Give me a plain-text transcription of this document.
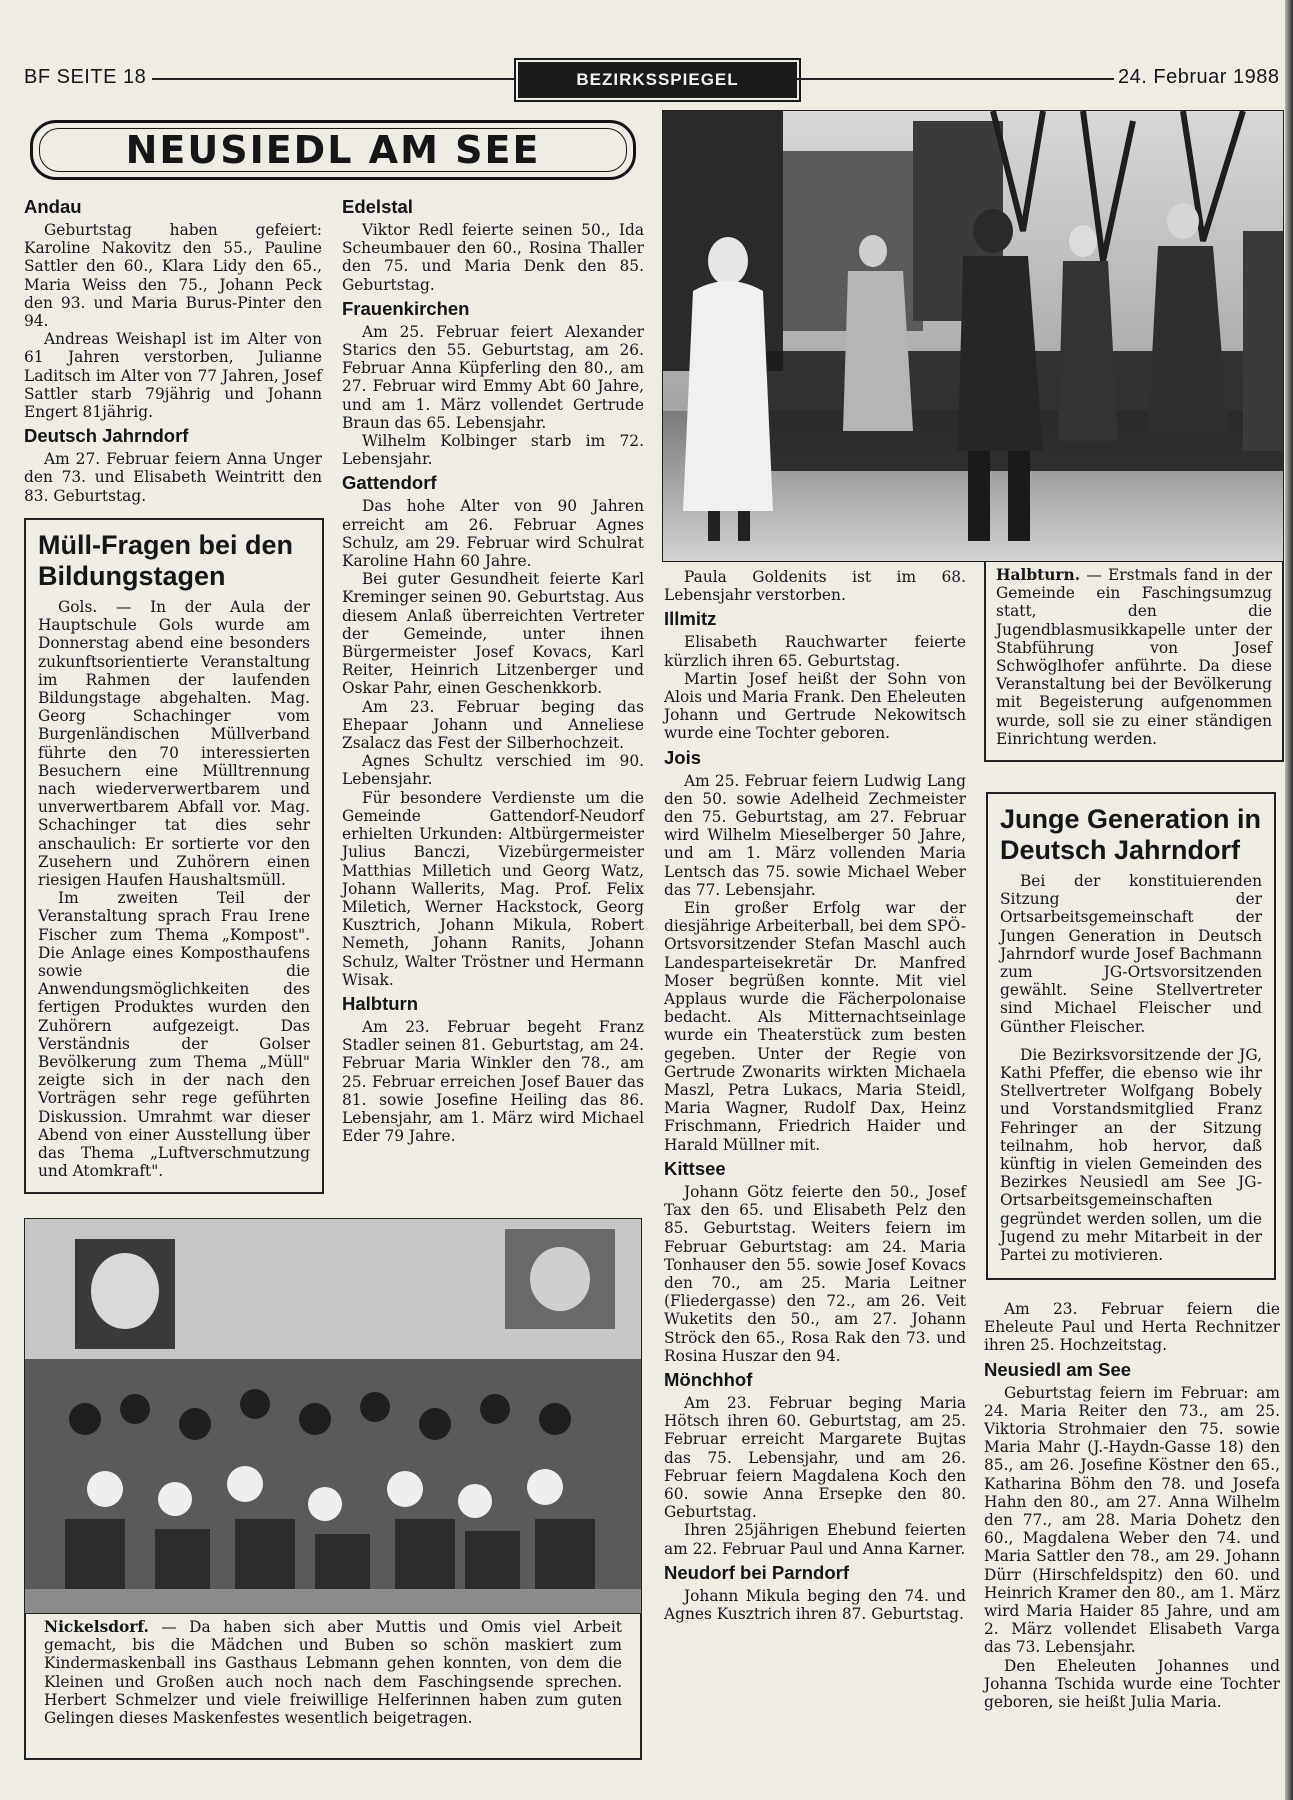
BF SEITE 18	BEZIRKSSPIEGEL	24. Februar 1988
NEUSIEDL AM SEE
Andau

Geburtstag haben gefeiert: Karoline Nakovitz den 55., Pauline Sattler den 60., Klara Lidy den 65., Maria Weiss den 75., Johann Peck den 93. und Maria Burus-Pinter den 94.

Andreas Weishapl ist im Alter von 61 Jahren verstorben, Julianne Laditsch im Alter von 77 Jahren, Josef Sattler starb 79jährig und Johann Engert 81jährig.

Deutsch Jahrndorf

Am 27. Februar feiern Anna Unger den 73. und Elisabeth Weintritt den 83. Geburtstag.

Müll-Fragen bei den Bildungstagen

Gols. — In der Aula der Hauptschule Gols wurde am Donnerstag abend eine besonders zukunftsorientierte Veranstaltung im Rahmen der laufenden Bildungstage abgehalten. Mag. Georg Schachinger vom Burgenländischen Müllverband führte den 70 interessierten Besuchern eine Mülltrennung nach wiederverwertbarem und unverwertbarem Abfall vor. Mag. Schachinger tat dies sehr anschaulich: Er sortierte vor den Zusehern und Zuhörern einen riesigen Haufen Haushaltsmüll.

Im zweiten Teil der Veranstaltung sprach Frau Irene Fischer zum Thema „Kompost". Die Anlage eines Komposthaufens sowie die Anwendungsmöglichkeiten des fertigen Produktes wurden den Zuhörern aufgezeigt. Das Verständnis der Golser Bevölkerung zum Thema „Müll" zeigte sich in der nach den Vorträgen sehr rege geführten Diskussion. Umrahmt war dieser Abend von einer Ausstellung über das Thema „Luftverschmutzung und Atomkraft".

Edelstal

Viktor Redl feierte seinen 50., Ida Scheumbauer den 60., Rosina Thaller den 75. und Maria Denk den 85. Geburtstag.

Frauenkirchen

Am 25. Februar feiert Alexander Starics den 55. Geburtstag, am 26. Februar Anna Küpferling den 80., am 27. Februar wird Emmy Abt 60 Jahre, und am 1. März vollendet Gertrude Braun das 65. Lebensjahr.

Wilhelm Kolbinger starb im 72. Lebensjahr.

Gattendorf

Das hohe Alter von 90 Jahren erreicht am 26. Februar Agnes Schulz, am 29. Februar wird Schulrat Karoline Hahn 60 Jahre.

Bei guter Gesundheit feierte Karl Kreminger seinen 90. Geburtstag. Aus diesem Anlaß überreichten Vertreter der Gemeinde, unter ihnen Bürgermeister Josef Kovacs, Karl Reiter, Heinrich Litzenberger und Oskar Pahr, einen Geschenkkorb.

Am 23. Februar beging das Ehepaar Johann und Anneliese Zsalacz das Fest der Silberhochzeit.

Agnes Schultz verschied im 90. Lebensjahr.

Für besondere Verdienste um die Gemeinde Gattendorf-Neudorf erhielten Urkunden: Altbürgermeister Julius Banczi, Vizebürgermeister Matthias Milletich und Georg Watz, Johann Wallerits, Mag. Prof. Felix Miletich, Werner Hackstock, Georg Kusztrich, Johann Mikula, Robert Nemeth, Johann Ranits, Johann Schulz, Walter Tröstner und Hermann Wisak.

Halbturn

Am 23. Februar begeht Franz Stadler seinen 81. Geburtstag, am 24. Februar Maria Winkler den 78., am 25. Februar erreichen Josef Bauer das 81. sowie Josefine Heiling das 86. Lebensjahr, am 1. März wird Michael Eder 79 Jahre.

Halbturn. — Erstmals fand in der Gemeinde ein Faschingsumzug statt, den die Jugendblasmusikkapelle unter der Stabführung von Josef Schwöglhofer anführte. Da diese Veranstaltung bei der Bevölkerung mit Begeisterung aufgenommen wurde, soll sie zu einer ständigen Einrichtung werden.

Paula Goldenits ist im 68. Lebensjahr verstorben.

Illmitz

Elisabeth Rauchwarter feierte kürzlich ihren 65. Geburtstag.

Martin Josef heißt der Sohn von Alois und Maria Frank. Den Eheleuten Johann und Gertrude Nekowitsch wurde eine Tochter geboren.

Jois

Am 25. Februar feiern Ludwig Lang den 50. sowie Adelheid Zechmeister den 75. Geburtstag, am 27. Februar wird Wilhelm Mieselberger 50 Jahre, und am 1. März vollenden Maria Lentsch das 75. sowie Michael Weber das 77. Lebensjahr.

Ein großer Erfolg war der diesjährige Arbeiterball, bei dem SPÖ-Ortsvorsitzender Stefan Maschl auch Landesparteisekretär Dr. Manfred Moser begrüßen konnte. Mit viel Applaus wurde die Fächerpolonaise bedacht. Als Mitternachtseinlage wurde ein Theaterstück zum besten gegeben. Unter der Regie von Gertrude Zwonarits wirkten Michaela Maszl, Petra Lukacs, Maria Steidl, Maria Wagner, Rudolf Dax, Heinz Frischmann, Friedrich Haider und Harald Müllner mit.

Kittsee

Johann Götz feierte den 50., Josef Tax den 65. und Elisabeth Pelz den 85. Geburtstag. Weiters feiern im Februar Geburtstag: am 24. Maria Tonhauser den 55. sowie Josef Kovacs den 70., am 25. Maria Leitner (Fliedergasse) den 72., am 26. Veit Wuketits den 50., am 27. Johann Ströck den 65., Rosa Rak den 73. und Rosina Huszar den 94.

Mönchhof

Am 23. Februar beging Maria Hötsch ihren 60. Geburtstag, am 25. Februar erreicht Margarete Bujtas das 75. Lebensjahr, und am 26. Februar feiern Magdalena Koch den 60. sowie Anna Ersepke den 80. Geburtstag.

Ihren 25jährigen Ehebund feierten am 22. Februar Paul und Anna Karner.

Neudorf bei Parndorf

Johann Mikula beging den 74. und Agnes Kusztrich ihren 87. Geburtstag.

Junge Generation in Deutsch Jahrndorf

Bei der konstituierenden Sitzung der Ortsarbeitsgemeinschaft der Jungen Generation in Deutsch Jahrndorf wurde Josef Bachmann zum JG-Ortsvorsitzenden gewählt. Seine Stellvertreter sind Michael Fleischer und Günther Fleischer.

Die Bezirksvorsitzende der JG, Kathi Pfeffer, die ebenso wie ihr Stellvertreter Wolfgang Bobely und Vorstandsmitglied Franz Fehringer an der Sitzung teilnahm, hob hervor, daß künftig in vielen Gemeinden des Bezirkes Neusiedl am See JG-Ortsarbeitsgemeinschaften gegründet werden sollen, um die Jugend zu mehr Mitarbeit in der Partei zu motivieren.

Am 23. Februar feiern die Eheleute Paul und Herta Rechnitzer ihren 25. Hochzeitstag.

Neusiedl am See

Geburtstag feiern im Februar: am 24. Maria Reiter den 73., am 25. Viktoria Strohmaier den 75. sowie Maria Mahr (J.-Haydn-Gasse 18) den 85., am 26. Josefine Köstner den 65., Katharina Böhm den 78. und Josefa Hahn den 80., am 27. Anna Wilhelm den 77., am 28. Maria Dohetz den 60., Magdalena Weber den 74. und Maria Sattler den 78., am 29. Johann Dürr (Hirschfeldspitz) den 60. und Heinrich Kramer den 80., am 1. März wird Maria Haider 85 Jahre, und am 2. März vollendet Elisabeth Varga das 73. Lebensjahr.

Den Eheleuten Johannes und Johanna Tschida wurde eine Tochter geboren, sie heißt Julia Maria.

Nickelsdorf. — Da haben sich aber Muttis und Omis viel Arbeit gemacht, bis die Mädchen und Buben so schön maskiert zum Kindermaskenball ins Gasthaus Lebmann gehen konnten, von dem die Kleinen und Großen auch noch nach dem Faschingsende sprechen. Herbert Schmelzer und viele freiwillige Helferinnen haben zum guten Gelingen dieses Maskenfestes wesentlich beigetragen.
